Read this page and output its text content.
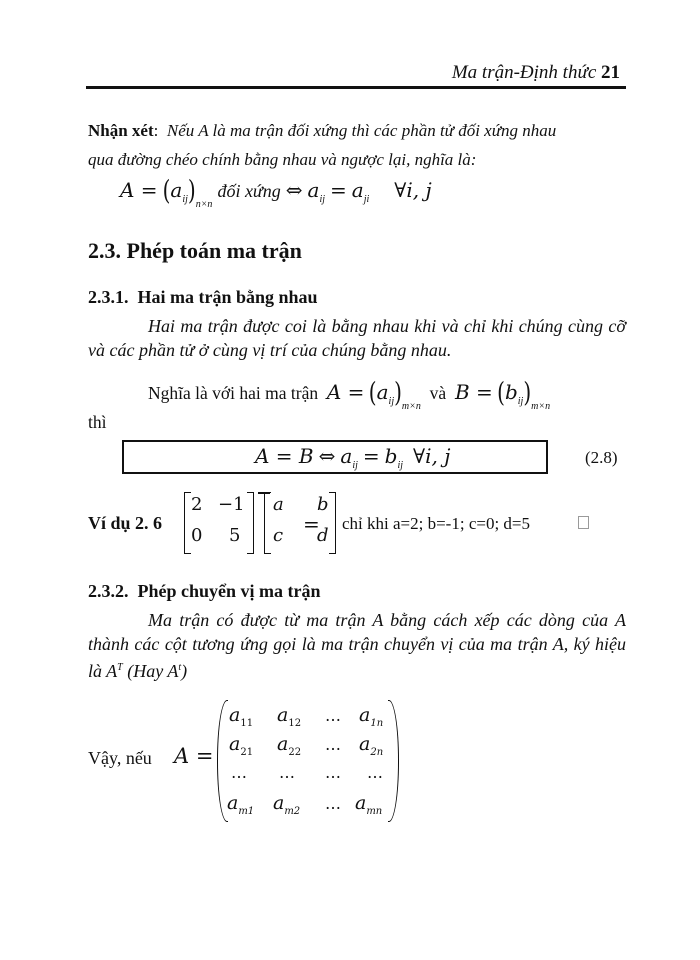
Ma trận-Định thức 21
Nhận xét: Nếu A là ma trận đối xứng thì các phần tử đối xứng nhau
qua đường chéo chính bằng nhau và ngược lại, nghĩa là:
$A = (a_{ij})_{n\times n}$ đối xứng ⇔ $a_{ij} = a_{ji}$ ∀i, j
2.3. Phép toán ma trận
2.3.1.  Hai ma trận bằng nhau
Hai ma trận được coi là bằng nhau khi và chỉ khi chúng cùng cỡ và các phần tử ở cùng vị trí của chúng bằng nhau.
Nghĩa là với hai ma trận $A = (a_{ij})_{m\times n}$  và $B = (b_{ij})_{m\times n}$
thì
A = B ⇔ $a_{ij} = b_{ij}$ ∀i, j	(2.8)
Ví dụ 2. 6
2 −1
0 5	=
a b
c d
chỉ khi a=2; b=-1; c=0; d=5
2.3.2.  Phép chuyển vị ma trận
Ma trận có được từ ma trận A bằng cách xếp các dòng của A thành các cột tương ứng gọi là ma trận chuyển vị của ma trận A, ký hiệu là $A^T$ (Hay $A^t$)
Vậy, nếu A =
$a_{11}$ $a_{12}$ … $a_{1n}$
$a_{21}$ $a_{22}$ … $a_{2n}$
… … … …
$a_{m1}$ $a_{m2}$ … $a_{mn}$
